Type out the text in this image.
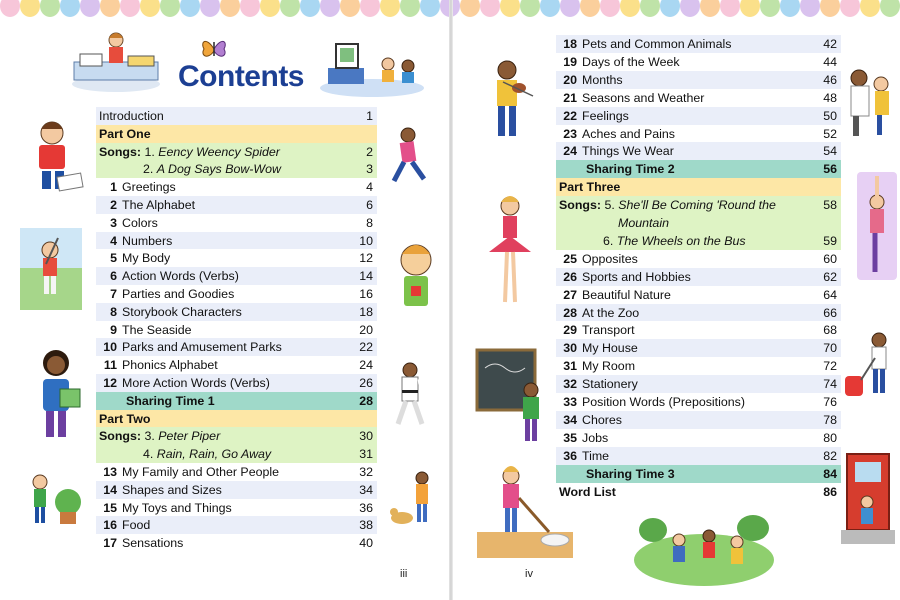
Contents
Introduction	1
Part One
Songs: 1. Eency Weency Spider	2
2. A Dog Says Bow-Wow	3
1 Greetings	4
2 The Alphabet	6
3 Colors	8
4 Numbers	10
5 My Body	12
6 Action Words (Verbs)	14
7 Parties and Goodies	16
8 Storybook Characters	18
9 The Seaside	20
10 Parks and Amusement Parks	22
11 Phonics Alphabet	24
12 More Action Words (Verbs)	26
Sharing Time 1	28
Part Two
Songs: 3. Peter Piper	30
4. Rain, Rain, Go Away	31
13 My Family and Other People	32
14 Shapes and Sizes	34
15 My Toys and Things	36
16 Food	38
17 Sensations	40
iii
18 Pets and Common Animals	42
19 Days of the Week	44
20 Months	46
21 Seasons and Weather	48
22 Feelings	50
23 Aches and Pains	52
24 Things We Wear	54
Sharing Time 2	56
Part Three
Songs: 5. She'll Be Coming 'Round the	58
Mountain
6. The Wheels on the Bus	59
25 Opposites	60
26 Sports and Hobbies	62
27 Beautiful Nature	64
28 At the Zoo	66
29 Transport	68
30 My House	70
31 My Room	72
32 Stationery	74
33 Position Words (Prepositions)	76
34 Chores	78
35 Jobs	80
36 Time	82
Sharing Time 3	84
Word List	86
iv
